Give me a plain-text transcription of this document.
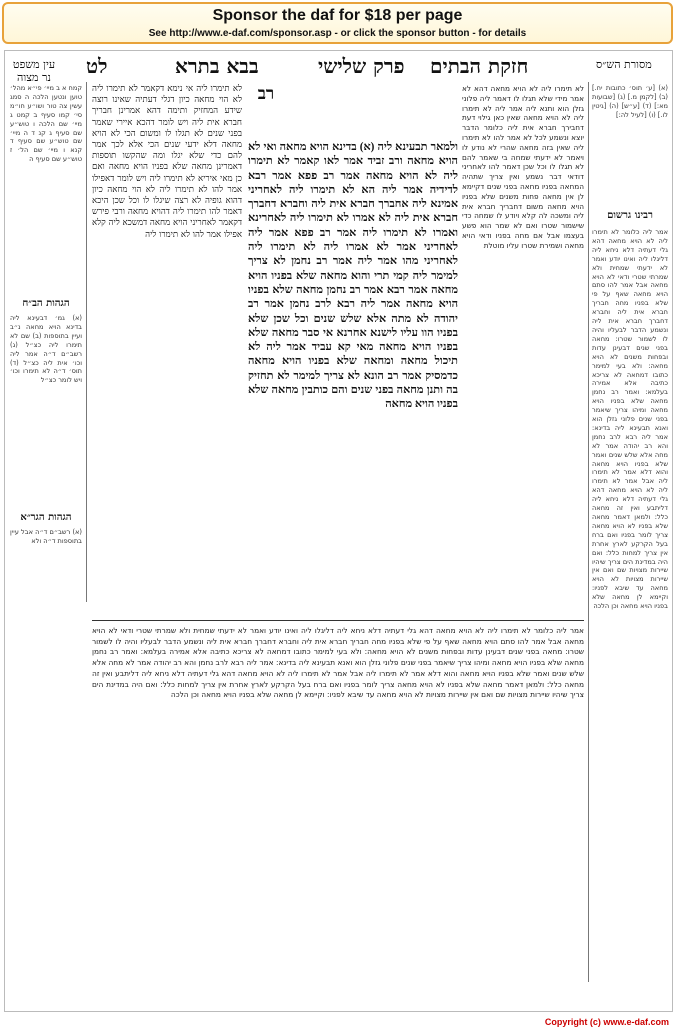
Sponsor the daf for $18 per page
See http://www.e-daf.com/sponsor.asp - or click the sponsor button - for details
לט	בבא בתרא	פרק שלישי חזקת הבתים
עין משפט נר מצוה
מסורת הש״ס
קמח א ב מיי׳ פי״א מהל׳ טוען ונטען הלכה ה סמג עשין צה טור ושו״ע חו״מ סי׳ קמו סעיף ב קמט ג מיי׳ שם הלכה ו טוש״ע שם סעיף ג קנ ד ה מיי׳ שם טוש״ע שם סעיף ד קנא ו מיי׳ שם הל׳ ז טוש״ע שם סעיף ה
הגהות הב״ח
(א) גמ׳ דבעינא ליה בדינא הויא מחאה נ״ב ועיין בתוספות (ב) שם לא תימרו ליה כצ״ל (ג) רשב״ם ד״ה אמר ליה וכו׳ אית ליה כצ״ל (ד) תוס׳ ד״ה לא תימרו וכו׳ ויש לומר כצ״ל
הגהות הגר״א
(א) רשב״ם ד״ה אבל עיין בתוספות ד״ה ולא
לא תימרו ליה אי נימא דקאמר לא תימרו ליה לא הוי מחאה כיון דגלי דעתיה שאינו רוצה שידע המחזיק ותימה דהא אמרינן חבריך חברא אית ליה ויש לומר דהכא איירי שאמר בפני שנים לא תגלו לו ומשום הכי לא הויא מחאה דלא ידעי שנים הכי אלא לכך אמר להם כדי שלא יגלו ומה שהקשו תוספות דאמרינן מחאה שלא בפניו הויא מחאה ואם כן מאי איריא לא תימרו ליה ויש לומר דאפילו אמר להו לא תימרו ליה לא הוי מחאה כיון דהוא גופיה לא רצה שיגלו לו וכל שכן היכא דאמר להו תימרו ליה דהויא מחאה ורבי פירש דקאמר לאחריני הויא מחאה דמשכא ליה קלא אפילו אמר להו לא תימרו ליה
רב
ולמאר תבעינא ליה (א) בדינא הויא מחאה ואי לא הויא מחאה ורב זביד אמר לאו קאמר לא תימרו ליה לא הויא מחאה אמר רב פפא אמר רבא לדידיה אמר ליה הא לא תימרו ליה לאחריני אמינא ליה אחברך חברא אית ליה וחברא דחברך חברא אית ליה לא אמרו לא תימרו ליה לאחרינא ואמרו לא תימרו ליה אמר רב פפא אמר ליה לאחריני אמר לא אמרו ליה לא תימרו ליה לאחריני מהו אמר ליה אמר רב נחמן לא צריך למימר ליה קמי תרי והוא מחאה שלא בפניו הויא מחאה אמר רבא אמר רב נחמן מחאה שלא בפניו הויא מחאה אמר ליה רבא לרב נחמן אמר רב יהודה לא מתה אלא שלש שנים וכל שכן שלא בפניו הוו עליו לישנא אחרנא אי סבר מחאה שלא בפניו הויא מחאה מאי קא עביד אמר ליה לא תיכול מחאה ומחאה שלא בפניו הויא מחאה כדמסיק אמר רב הונא לא צריך למימר לא תחזיק בה ותנן מחאה בפני שנים והם כותבין מחאה שלא בפניו הויא מחאה
לא תימרו ליה לא הויא מחאה דהא לא אמר מידי שלא תגלו לו דאמר ליה פלוני גזלן הוא ותנא ליה אמר ליה לא תימרו ליה לא הויא מחאה שאין כאן גילוי דעת דחבירך חברא אית ליה כלומר הדבר יוצא ונשמע לכל לא אמר להו לא תימרו ליה שאין בזה מחאה שהרי לא נודע לו ויאמר לא ידעתי שמחה בי שאמר להם לא תגלו לו וכל שכן דאמר להו לאחריני דודאי דבר נשמע ואין צריך שתהיה המחאה בפניו מחאה בפני שנים דקיימא לן אין מחאה פחות משנים שלא בפניו הויא מחאה משום דחבריך חברא אית ליה ומשכה לה קלא ויודע לו שמחה כדי שישמור שטרו ואם לא שמר הוא פשע בעצמו אבל אם מחה בפניו ודאי הויא מחאה ושמירת שטרו עליו מוטלת
(א) [ע׳ תוס׳ כתובות יח.] (ב) [לקמן מ.] (ג) [שבועות מא:] (ד) [ע״ש] (ה) [גיטין לו.] (ו) [לעיל לה:]
רבינו גרשום
אמר ליה כלומר לא תימרו ליה לא הויא מחאה דהא גלי דעתיה דלא ניחא ליה דליגלו ליה ואינו יודע ואמר לא ידעתי שמחית ולא שמרתי שטרי ודאי לא הויא מחאה אבל אמר להו סתם הויא מחאה שאף על פי שלא בפניו מחה חבריך חברא אית ליה וחברא דחברך חברא אית ליה ונשמע הדבר לבעליו והיה לו לשמור שטרו: מחאה בפני שנים דבעינן עדות ובפחות משנים לא הויא מחאה: ולא בעי למימר כתובו דמחאה לא צריכא כתיבה אלא אמירה בעלמא: ואמר רב נחמן מחאה שלא בפניו הויא מחאה ומיהו צריך שיאמר בפני שנים פלוני גזלן הוא ואנא תבעינא ליה בדינא: אמר ליה רבא לרב נחמן והא רב יהודה אמר לא מחה אלא שלש שנים ואמר שלא בפניו הויא מחאה והוא דלא אמר לא תימרו ליה אבל אמר לא תימרו ליה לא הויא מחאה דהא גלי דעתיה דלא ניחא ליה דליתבע ואין זה מחאה כלל: ולמאן דאמר מחאה שלא בפניו לא הויא מחאה צריך לומר בפניו ואם ברח בעל הקרקע לארץ אחרת אין צריך למחות כלל: ואם היה במדינת הים צריך שיהיו שיירות מצויות שם ואם אין שיירות מצויות לא הויא מחאה עד שיבא לפניו: וקיימא לן מחאה שלא בפניו הויא מחאה וכן הלכה
אמר ליה כלומר לא תימרו ליה לא הויא מחאה דהא גלי דעתיה דלא ניחא ליה דליגלו ליה ואינו יודע ואמר לא ידעתי שמחית ולא שמרתי שטרי ודאי לא הויא מחאה אבל אמר להו סתם הויא מחאה שאף על פי שלא בפניו מחה חבריך חברא אית ליה וחברא דחברך חברא אית ליה ונשמע הדבר לבעליו והיה לו לשמור שטרו: מחאה בפני שנים דבעינן עדות ובפחות משנים לא הויא מחאה: ולא בעי למימר כתובו דמחאה לא צריכא כתיבה אלא אמירה בעלמא: ואמר רב נחמן מחאה שלא בפניו הויא מחאה ומיהו צריך שיאמר בפני שנים פלוני גזלן הוא ואנא תבעינא ליה בדינא: אמר ליה רבא לרב נחמן והא רב יהודה אמר לא מחה אלא שלש שנים ואמר שלא בפניו הויא מחאה והוא דלא אמר לא תימרו ליה אבל אמר לא תימרו ליה לא הויא מחאה דהא גלי דעתיה דלא ניחא ליה דליתבע ואין זה מחאה כלל: ולמאן דאמר מחאה שלא בפניו לא הויא מחאה צריך לומר בפניו ואם ברח בעל הקרקע לארץ אחרת אין צריך למחות כלל: ואם היה במדינת הים צריך שיהיו שיירות מצויות שם ואם אין שיירות מצויות לא הויא מחאה עד שיבא לפניו: וקיימא לן מחאה שלא בפניו הויא מחאה וכן הלכה
Copyright (c) www.e-daf.com
